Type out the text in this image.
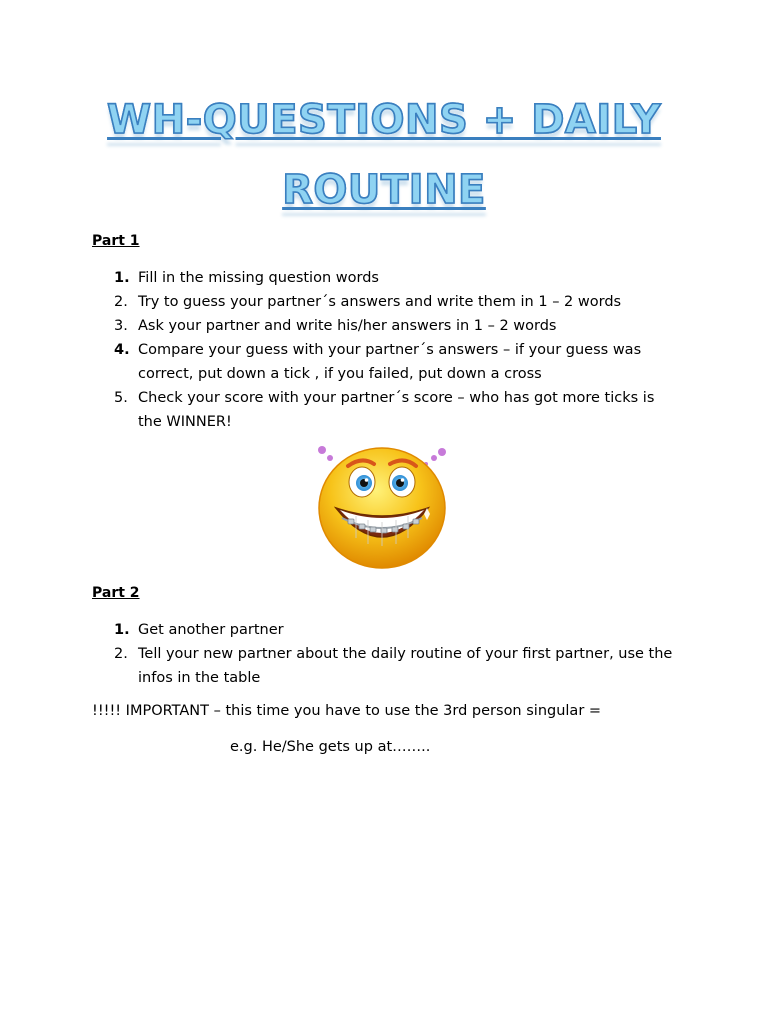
WH-QUESTIONS + DAILY
ROUTINE

Part 1

1. Fill in the missing question words
2. Try to guess your partner´s answers and write them in 1 – 2 words
3. Ask your partner and write his/her answers in 1 – 2 words
4. Compare your guess with your partner´s answers – if your guess was correct, put down a tick , if you failed, put down a cross
5. Check your score with your partner´s score – who has got more ticks is the WINNER!

Part 2

1. Get another partner
2. Tell your new partner about the daily routine of your first partner, use the infos in the table

!!!!! IMPORTANT – this time you have to use the 3rd person singular =

e.g. He/She gets up at……..
